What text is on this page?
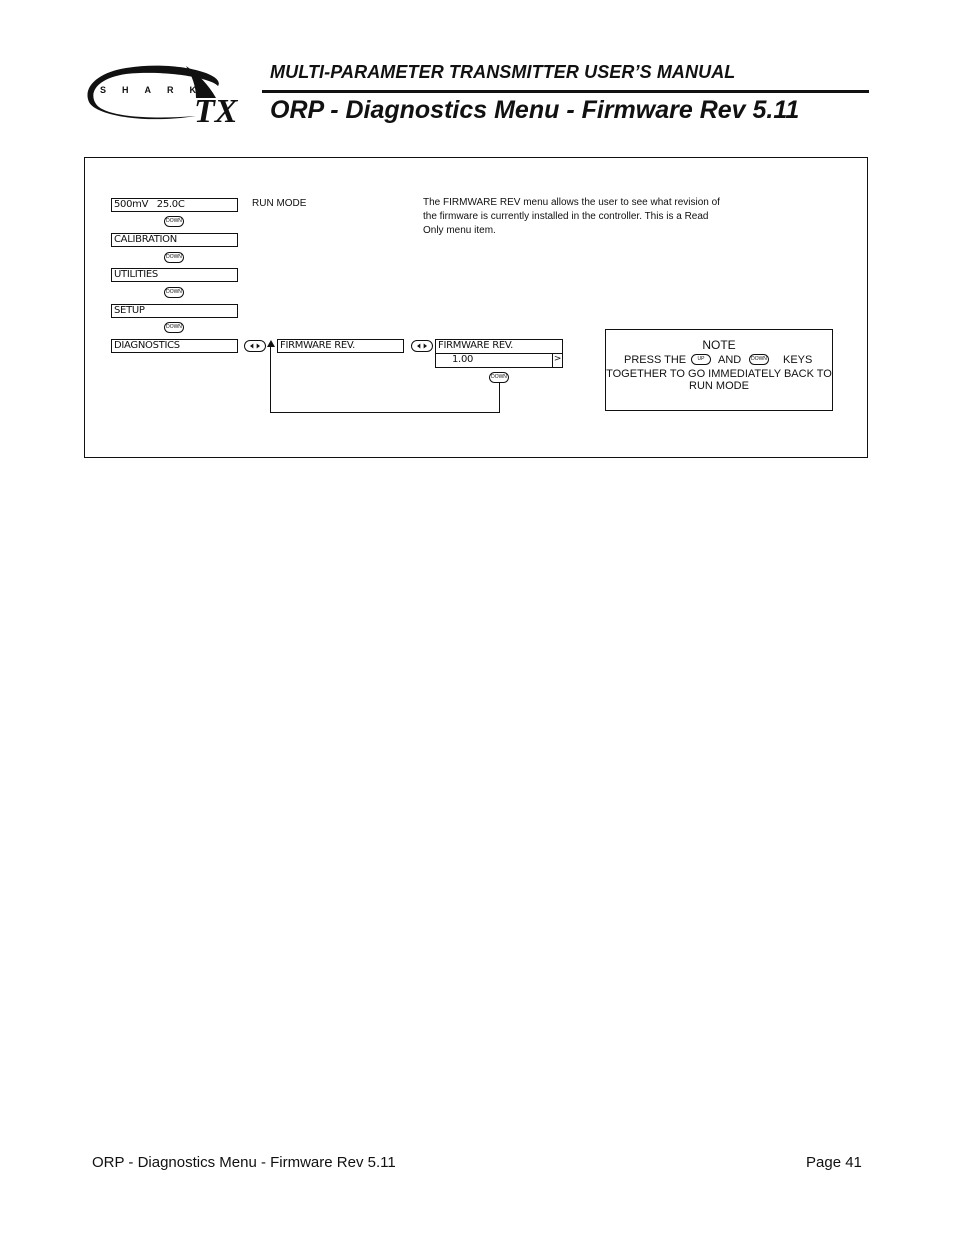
SHARK
TX
MULTI-PARAMETER TRANSMITTER USER’S MANUAL
ORP - Diagnostics Menu - Firmware Rev 5.11
500mV   25.0C	RUN MODE
DOWN
CALIBRATION
DOWN
UTILITIES
DOWN
SETUP
DOWN
DIAGNOSTICS	FIRMWARE REV.	FIRMWARE REV.
1.00	>
DOWN
The FIRMWARE REV menu allows the user to see what revision of
the firmware is currently installed in the controller. This is a Read
Only menu item.
NOTE
PRESS THE	UP	AND	DOWN KEYS
TOGETHER TO GO IMMEDIATELY BACK TO
RUN MODE
ORP - Diagnostics Menu - Firmware Rev 5.11	Page 41
